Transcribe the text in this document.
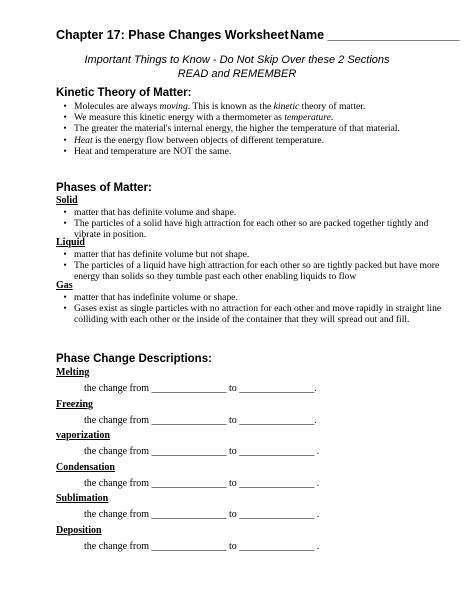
Chapter 17: Phase Changes Worksheet Name ___________________
Important Things to Know - Do Not Skip Over these 2 Sections
READ and REMEMBER
Kinetic Theory of Matter:
• Molecules are always moving. This is known as the kinetic theory of matter.
• We measure this kinetic energy with a thermometer as temperature.
• The greater the material's internal energy, the higher the temperature of that material.
• Heat is the energy flow between objects of different temperature.
• Heat and temperature are NOT the same.
Phases of Matter:
Solid
• matter that has definite volume and shape.
• The particles of a solid have high attraction for each other so are packed together tightly and vibrate in position.
Liquid
• matter that has definite volume but not shape.
• The particles of a liquid have high attraction for each other so are tightly packed but have more energy than solids so they tumble past each other enabling liquids to flow
Gas
• matter that has indefinite volume or shape.
• Gases exist as single particles with no attraction for each other and move rapidly in straight line colliding with each other or the inside of the container that they will spread out and fill.
Phase Change Descriptions:
Melting
the change from _______________ to _______________.
Freezing
the change from _______________ to _______________.
vaporization
the change from _______________ to _______________ .
Condensation
the change from _______________ to _______________ .
Sublimation
the change from _______________ to _______________ .
Deposition
the change from _______________ to _______________ .
